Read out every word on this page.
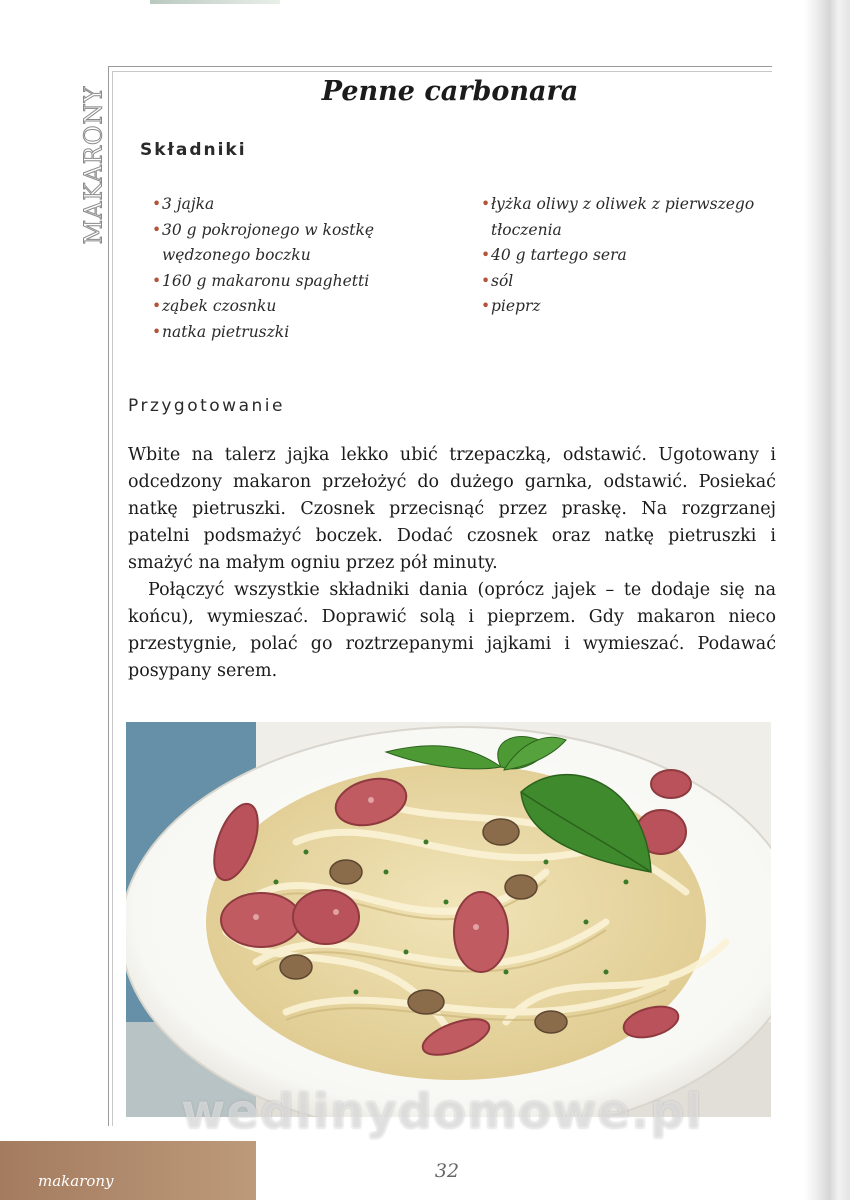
MAKARONY	Penne carbonara
Składniki
• 3 jajka
• 30 g pokrojonego w kostkę wędzonego boczku
• 160 g makaronu spaghetti
• ząbek czosnku
• natka pietruszki
• łyżka oliwy z oliwek z pierwszego tłoczenia
• 40 g tartego sera
• sól
• pieprz
Przygotowanie

Wbite na talerz jajka lekko ubić trzepaczką, odstawić. Ugotowany i odcedzony makaron przełożyć do dużego garnka, odstawić. Posiekać natkę pietruszki. Czosnek przecisnąć przez praskę. Na rozgrzanej patelni podsmażyć boczek. Dodać czosnek oraz natkę pietruszki i smażyć na małym ogniu przez pół minuty.

Połączyć wszystkie składniki dania (oprócz jajek – te dodaje się na końcu), wymieszać. Doprawić solą i pieprzem. Gdy makaron nieco przestygnie, polać go roztrzepanymi jajkami i wymieszać. Podawać posypany serem.

wedlinydomowe.pl
makarony	32
